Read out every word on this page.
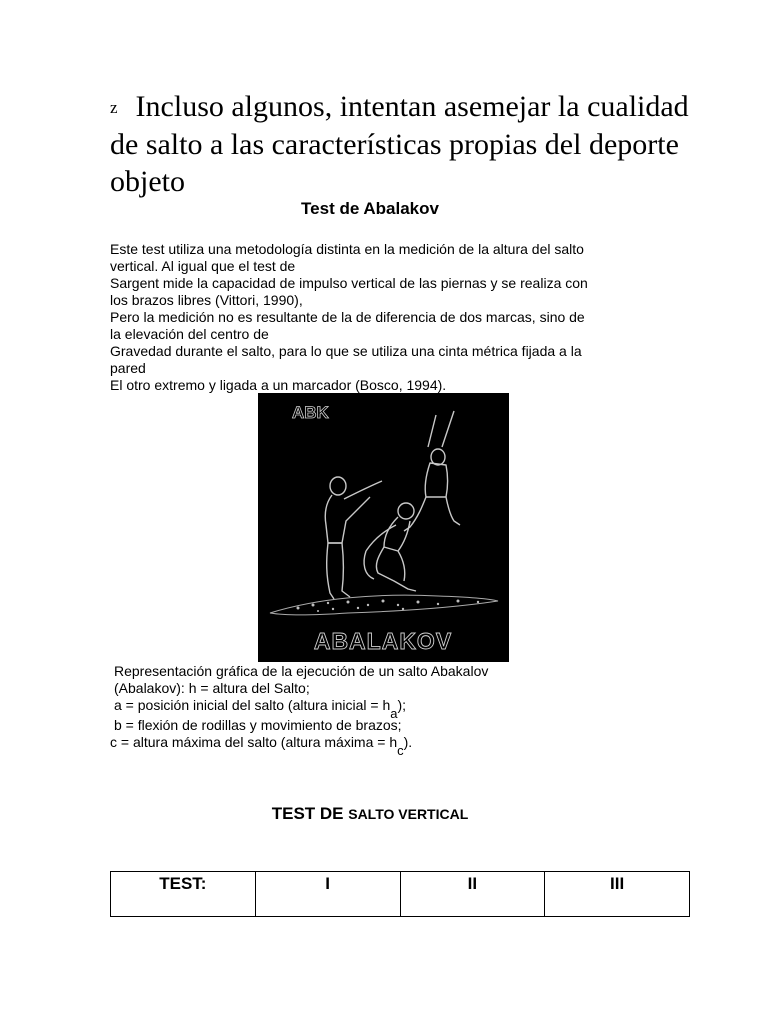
z Incluso algunos, intentan asemejar la cualidad de salto a las características propias del deporte objeto
Test de Abalakov
Este test utiliza una metodología distinta en la medición de la altura del salto
vertical. Al igual que el test de
Sargent mide la capacidad de impulso vertical de las piernas y se realiza con
los brazos libres (Vittori, 1990),
Pero la medición no es resultante de la de diferencia de dos marcas, sino de
la elevación del centro de
Gravedad durante el salto, para lo que se utiliza una cinta métrica fijada a la
pared
El otro extremo y ligada a un marcador (Bosco, 1994).
ABK
ABALAKOV
Representación gráfica de la ejecución de un salto Abakalov
(Abalakov): h = altura del Salto;
a = posición inicial del salto (altura inicial = ha);
b = flexión de rodillas y movimiento de brazos;
c = altura máxima del salto (altura máxima = hc).
TEST DE SALTO VERTICAL
TEST:	I	II	III
